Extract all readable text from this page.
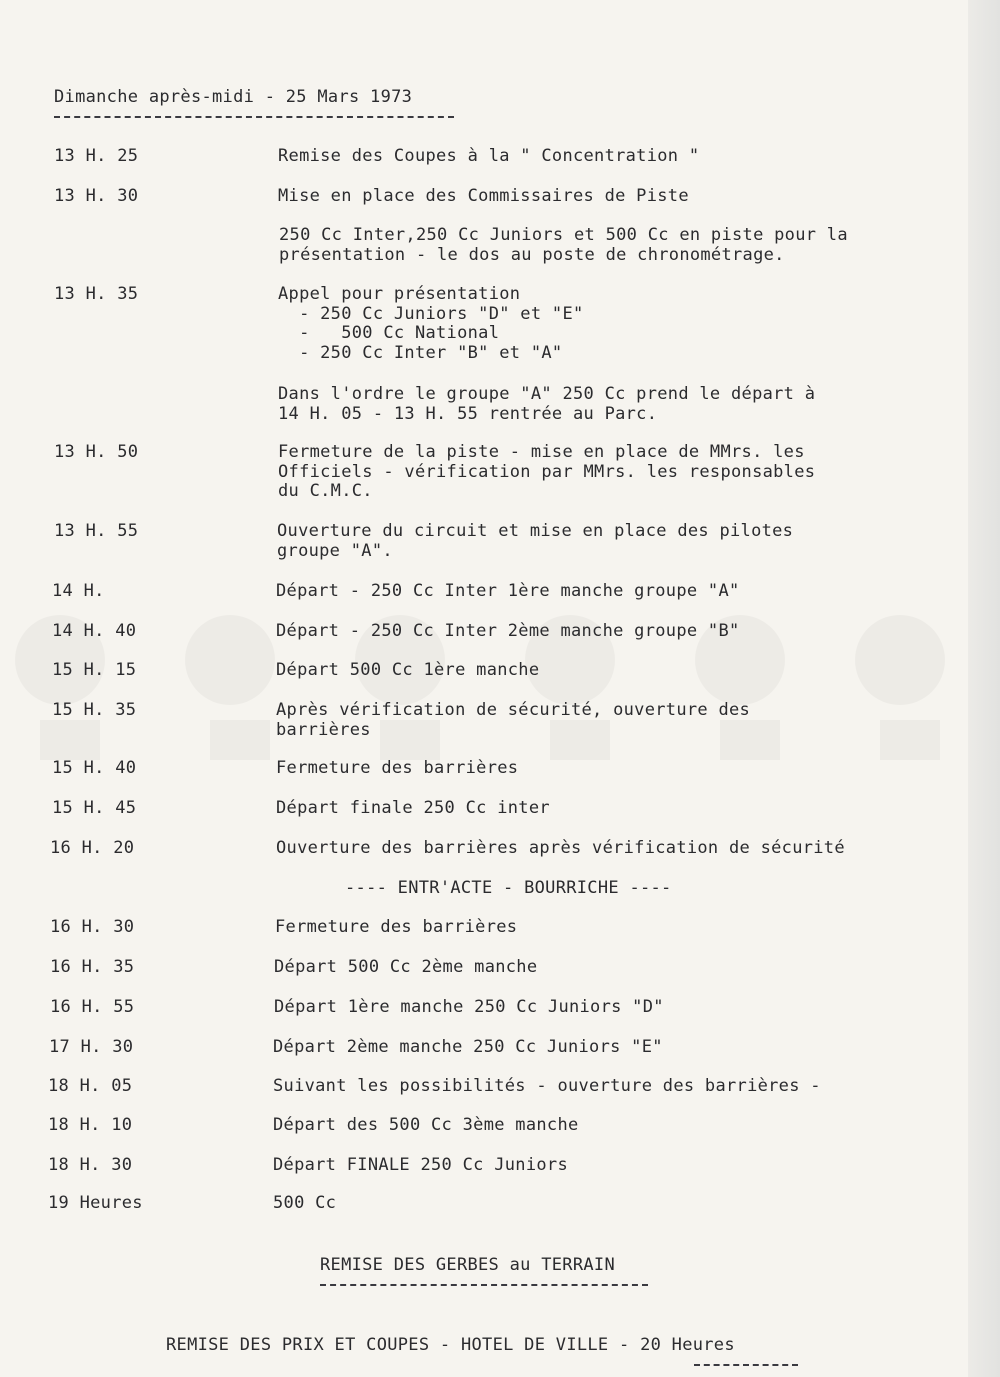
Dimanche après-midi - 25 Mars 1973
13 H. 25	Remise des Coupes à la " Concentration "
13 H. 30	Mise en place des Commissaires de Piste
250 Cc Inter,250 Cc Juniors et 500 Cc en piste pour la
présentation - le dos au poste de chronométrage.
13 H. 35	Appel pour présentation
- 250 Cc Juniors "D" et "E"
-   500 Cc National
- 250 Cc Inter "B" et "A"
Dans l'ordre le groupe "A" 250 Cc prend le départ à
14 H. 05 - 13 H. 55 rentrée au Parc.
13 H. 50	Fermeture de la piste - mise en place de MMrs. les
Officiels - vérification par MMrs. les responsables
du C.M.C.
13 H. 55	Ouverture du circuit et mise en place des pilotes
groupe "A".
14 H.	Départ - 250 Cc Inter 1ère manche groupe "A"
14 H. 40	Départ - 250 Cc Inter 2ème manche groupe "B"
15 H. 15	Départ 500 Cc 1ère manche
15 H. 35	Après vérification de sécurité, ouverture des
barrières
15 H. 40	Fermeture des barrières
15 H. 45	Départ finale 250 Cc inter
16 H. 20	Ouverture des barrières après vérification de sécurité
---- ENTR'ACTE - BOURRICHE ----
16 H. 30	Fermeture des barrières
16 H. 35	Départ 500 Cc 2ème manche
16 H. 55	Départ 1ère manche 250 Cc Juniors "D"
17 H. 30	Départ 2ème manche 250 Cc Juniors "E"
18 H. 05	Suivant les possibilités - ouverture des barrières -
18 H. 10	Départ des 500 Cc 3ème manche
18 H. 30	Départ FINALE 250 Cc Juniors
19 Heures	500 Cc
REMISE DES GERBES au TERRAIN
REMISE DES PRIX ET COUPES - HOTEL DE VILLE - 20 Heures
